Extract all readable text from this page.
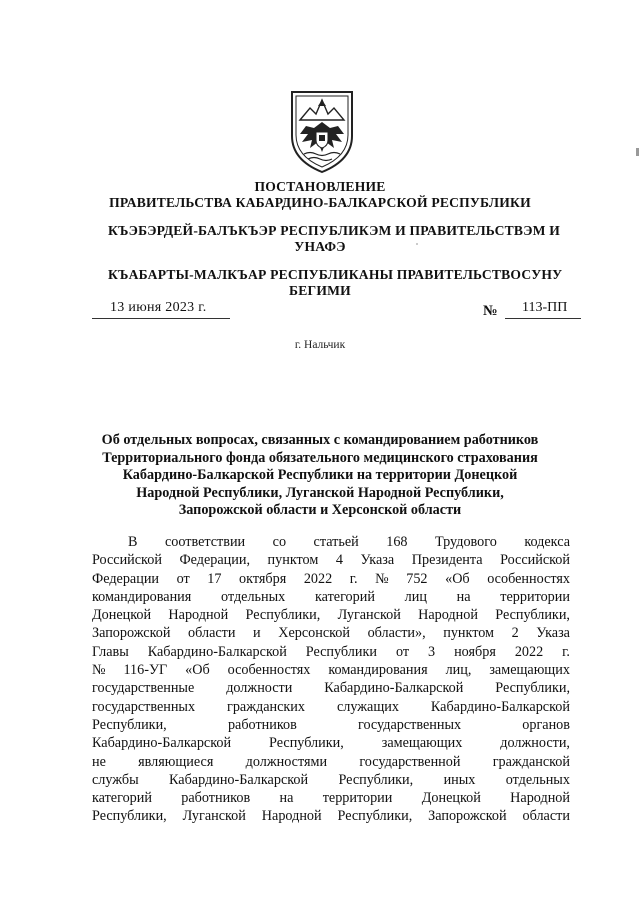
ПОСТАНОВЛЕНИЕ
ПРАВИТЕЛЬСТВА КАБАРДИНО-БАЛКАРСКОЙ РЕСПУБЛИКИ
КЪЭБЭРДЕЙ-БАЛЪКЪЭР РЕСПУБЛИКЭМ И ПРАВИТЕЛЬСТВЭМ И
УНАФЭ
КЪАБАРТЫ-МАЛКЪАР РЕСПУБЛИКАНЫ ПРАВИТЕЛЬСТВОСУНУ
БЕГИМИ
13 июня 2023 г.	№ 113-ПП
г. Нальчик
Об отдельных вопросах, связанных с командированием работников
Территориального фонда обязательного медицинского страхования
Кабардино-Балкарской Республики на территории Донецкой
Народной Республики, Луганской Народной Республики,
Запорожской области и Херсонской области
В соответствии со статьей 168 Трудового кодекса
Российской Федерации, пунктом 4 Указа Президента Российской
Федерации от 17 октября 2022 г. № 752 «Об особенностях
командирования отдельных категорий лиц на территории
Донецкой Народной Республики, Луганской Народной Республики,
Запорожской области и Херсонской области», пунктом 2 Указа
Главы Кабардино-Балкарской Республики от 3 ноября 2022 г.
№ 116-УГ «Об особенностях командирования лиц, замещающих
государственные должности Кабардино-Балкарской Республики,
государственных гражданских служащих Кабардино-Балкарской
Республики,	работников	государственных	органов
Кабардино-Балкарской	Республики,	замещающих	должности,
не являющиеся должностями государственной гражданской
службы Кабардино-Балкарской Республики, иных отдельных
категорий работников на территории Донецкой Народной
Республики, Луганской Народной Республики, Запорожской области
